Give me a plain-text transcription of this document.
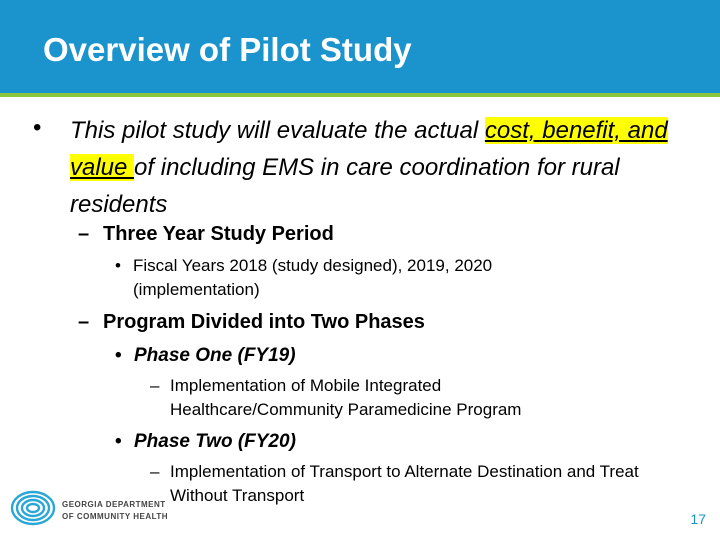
Overview of Pilot Study
• This pilot study will evaluate the actual cost, benefit, and value of including EMS in care coordination for rural residents
– Three Year Study Period
• Fiscal Years 2018 (study designed), 2019, 2020 (implementation)
– Program Divided into Two Phases
• Phase One (FY19)
– Implementation of Mobile Integrated Healthcare/Community Paramedicine Program
• Phase Two (FY20)
– Implementation of Transport to Alternate Destination and Treat Without Transport
GEORGIA DEPARTMENT
OF COMMUNITY HEALTH	17
